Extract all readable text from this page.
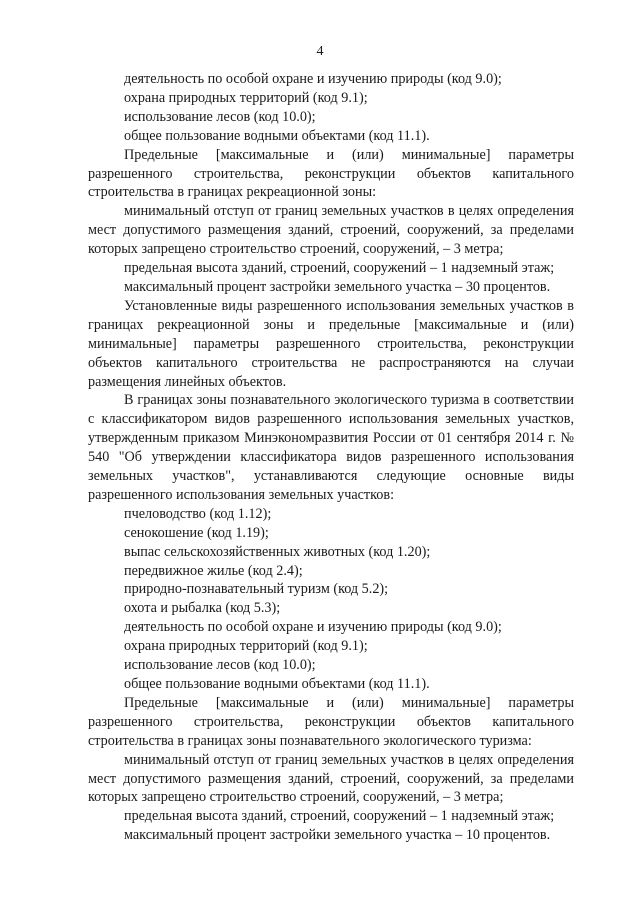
4

деятельность по особой охране и изучению природы (код 9.0);

охрана природных территорий (код 9.1);

использование лесов (код 10.0);

общее пользование водными объектами (код 11.1).

Предельные [максимальные и (или) минимальные] параметры разрешенного строительства, реконструкции объектов капитального строительства в границах рекреационной зоны:

минимальный отступ от границ земельных участков в целях определения мест допустимого размещения зданий, строений, сооружений, за пределами которых запрещено строительство строений, сооружений, – 3 метра;

предельная высота зданий, строений, сооружений – 1 надземный этаж;

максимальный процент застройки земельного участка – 30 процентов.

Установленные виды разрешенного использования земельных участков в границах рекреационной зоны и предельные [максимальные и (или) минимальные] параметры разрешенного строительства, реконструкции объектов капитального строительства не распространяются на случаи размещения линейных объектов.

В границах зоны познавательного экологического туризма в соответствии с классификатором видов разрешенного использования земельных участков, утвержденным приказом Минэкономразвития России от 01 сентября 2014 г. № 540 "Об утверждении классификатора видов разрешенного использования земельных участков", устанавливаются следующие основные виды разрешенного использования земельных участков:

пчеловодство (код 1.12);

сенокошение (код 1.19);

выпас сельскохозяйственных животных (код 1.20);

передвижное жилье (код 2.4);

природно-познавательный туризм (код 5.2);

охота и рыбалка (код 5.3);

деятельность по особой охране и изучению природы (код 9.0);

охрана природных территорий (код 9.1);

использование лесов (код 10.0);

общее пользование водными объектами (код 11.1).

Предельные [максимальные и (или) минимальные] параметры разрешенного строительства, реконструкции объектов капитального строительства в границах зоны познавательного экологического туризма:

минимальный отступ от границ земельных участков в целях определения мест допустимого размещения зданий, строений, сооружений, за пределами которых запрещено строительство строений, сооружений, – 3 метра;

предельная высота зданий, строений, сооружений – 1 надземный этаж;

максимальный процент застройки земельного участка – 10 процентов.
